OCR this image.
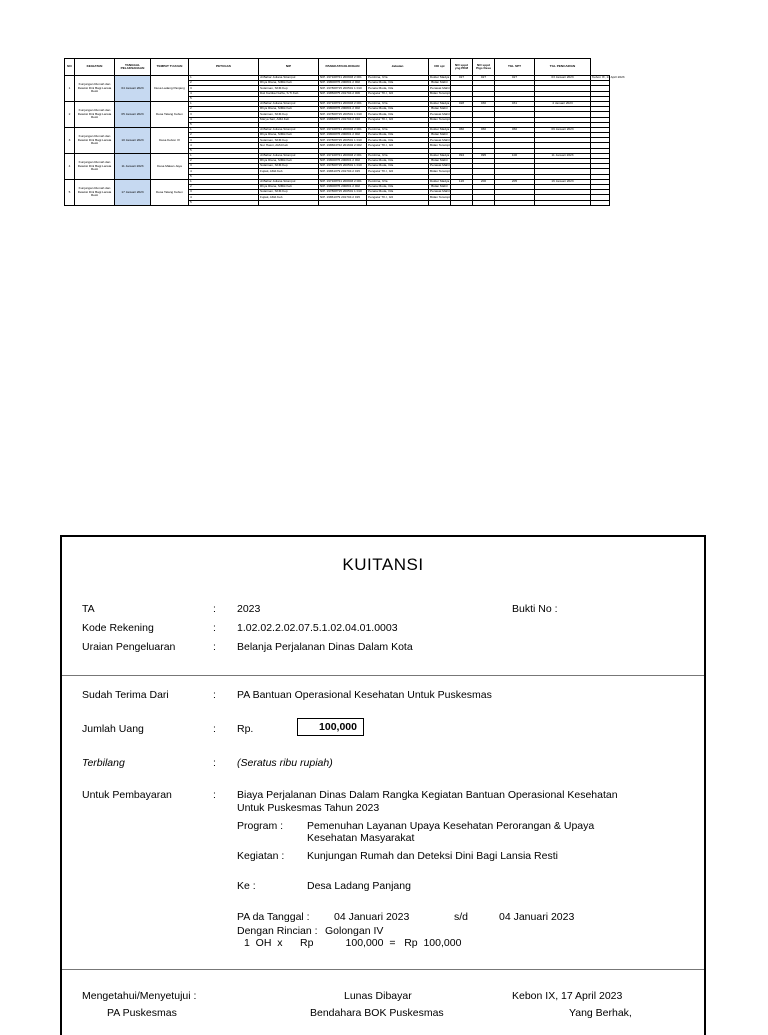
NO	KEGIATAN	TANGGAL PELAKSANAAN	TEMPAT TUJUAN	PETUGAS	NIP	PANGKAT/GOLONGAN	Jabatan	NO spt	NO sppd yng PKM	NO sppd Pigs Desa	TGL SPT	TGL PENCAIRAN	
1	Kunjungan Rumah dan Deteksi Dini Bagi Lansia Resti	04 Januari 2023	Desa Ladang Panjang	1	dr.Bahar Juliana Sitompul	NIP. 197108?21 200903 2 001	Pembina, IV/a	Dokter Madya	027	027	027	03 Januari 2023	Kebon IX, 17 April 2023
				2	Rhya Riana, SIMik Keb	NIP. 198008?6 200801 2 002	Penata Muda, III/a	Bidan Mahir					
				3	Sulaiman, SKM.Kep	NIP. 197808?15 200501 1 010	Penata Muda, III/a	Perawat Mahir					
				4	Dwi Kartika Nurfia, S.Tr.Keb	NIP. 198508?5 201704 2 006	Pengatur TK.I, II/d	Bidan Terampil					
				5									
2	Kunjungan Rumah dan Deteksi Dini Bagi Lansia Resti	05 Januari 2023	Desa Talang Kebun	1	dr.Bahar Juliana Sitompul	NIP. 197108?21 200903 2 001	Pembina, IV/a	Dokter Madya	028	030	031	4 Januari 2023	
				2	Rhya Riana, SIMik Keb	NIP. 198008?6 200801 2 002	Penata Muda, III/a	Bidan Mahir					
				3	Sulaiman, SKM.Kep	NIP. 197808?15 200501 1 010	Penata Muda, III/a	Perawat Mahir					
				4	Marya Sari, AMd.Keb	NIP. 198608?1 201704 2 010	Pengatur TK.I, II/d	Bidan Terampil					
				5									
3	Kunjungan Rumah dan Deteksi Dini Bagi Lansia Resti	10 Januari 2023	Desa Kebon IX	1	dr.Bahar Juliana Sitompul	NIP. 197108?21 200903 2 001	Pembina, IV/a	Dokter Madya	060	060	060	09 Januari 2023	
				2	Rhya Riana, SIMik Keb	NIP. 198008?6 200801 2 002	Penata Muda, III/a	Bidan Mahir					
				3	Sulaiman, SKM.Kep	NIP. 197808?15 200501 1 010	Penata Muda, III/a	Perawat Mahir					
				4	Nur Hasni, AMd.Keb	NIP. 198604?22 201604 2 002	Pengatur TK.I, II/d	Bidan Terampil					
				5									
4	Kunjungan Rumah dan Deteksi Dini Bagi Lansia Resti	11 Januari 2023	Desa Makan Jaya	1	dr.Bahar Juliana Sitompul	NIP. 197108?21 200903 2 001	Pembina, IV/a	Dokter Madya	094	095	100	11 Januari 2023	
				2	Rhya Riana, SIMik Keb	NIP. 198008?6 200801 2 002	Penata Muda, III/a	Bidan Mahir					
				3	Sulaiman, SKM.Kep	NIP. 197808?15 200501 1 010	Penata Muda, III/a	Perawat Mahir					
				4	Fujiati, AMd.Keb	NIP. 198610?9 201704 2 015	Pengatur TK.I, II/d	Bidan Terampil					
				5									
5	Kunjungan Rumah dan Deteksi Dini Bagi Lansia Resti	17 Januari 2023	Desa Talang Kebun	1	dr.Bahar Juliana Sitompul	NIP. 197108?21 200903 2 001	Pembina, IV/a	Dokter Madya	126	200	205	16 Januari 2023	
				2	Rhya Riana, SIMik Keb	NIP. 198008?6 200801 2 002	Penata Muda, III/a	Bidan Mahir					
				3	Sulaiman, SKM.Kep	NIP. 197808?15 200501 1 010	Penata Muda, III/a	Perawat Mahir					
				4	Fujiati, AMd.Keb	NIP. 198610?9 201704 2 015	Pengatur TK.I, II/d	Bidan Terampil					
				5									
KUITANSI
TA	: 2023	Bukti No :
Kode Rekening	: 1.02.02.2.02.07.5.1.02.04.01.0003
Uraian Pengeluaran	: Belanja Perjalanan Dinas Dalam Kota
Sudah Terima Dari	: PA Bantuan Operasional Kesehatan Untuk Puskesmas
Jumlah Uang	: Rp.	100,000
Terbilang	: (Seratus ribu rupiah)
Untuk Pembayaran	: Biaya Perjalanan Dinas Dalam Rangka Kegiatan Bantuan Operasional Kesehatan
Untuk Puskesmas Tahun 2023
Program : Pemenuhan Layanan Upaya Kesehatan Perorangan & Upaya
Kesehatan Masyarakat
Kegiatan : Kunjungan Rumah dan Deteksi Dini Bagi Lansia Resti
Ke :	Desa Ladang Panjang
PA da Tanggal : 04 Januari 2023	s/d	04 Januari 2023
Dengan Rincian : Golongan IV
1  OH  x      Rp           100,000  =   Rp  100,000
Mengetahui/Menyetujui :
PA Puskesmas
Lunas Dibayar
Bendahara BOK Puskesmas
Kebon IX, 17 April 2023
Yang Berhak,
